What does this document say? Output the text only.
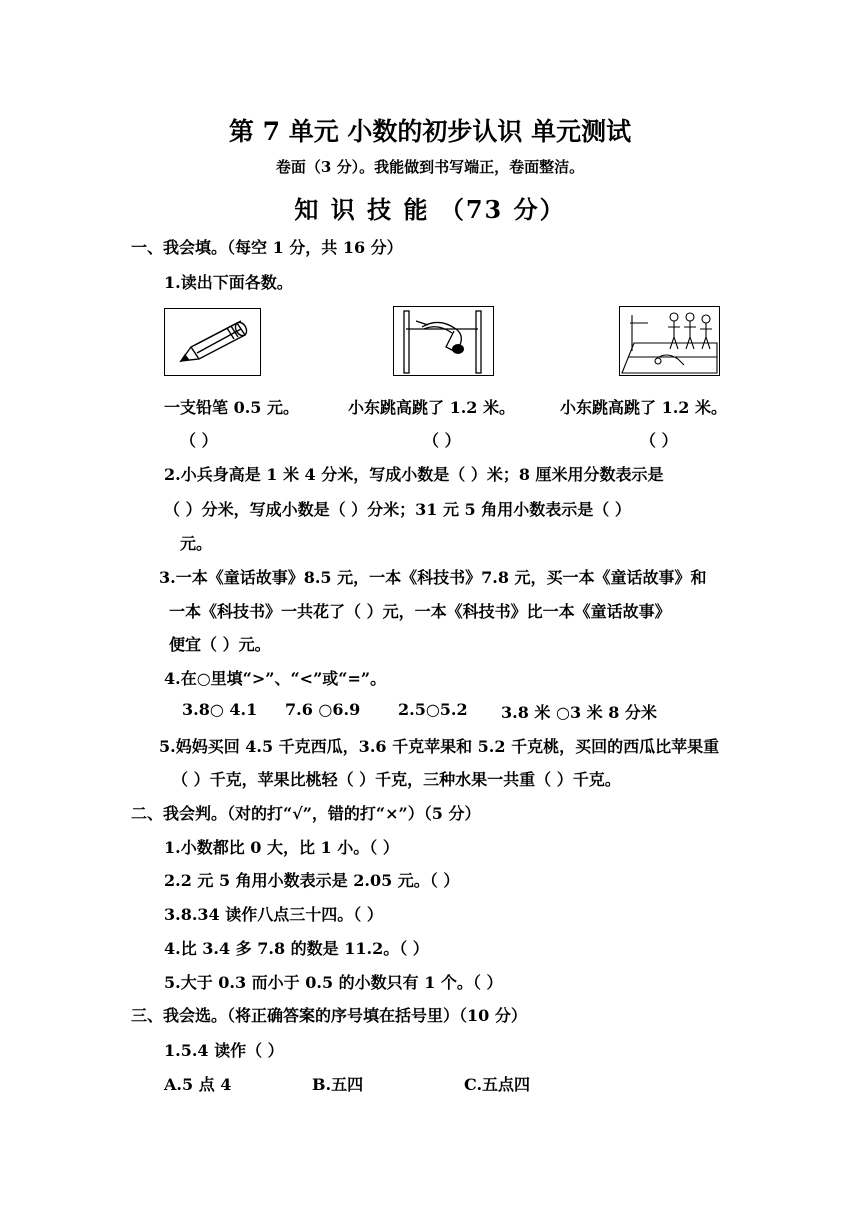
第 7 单元 小数的初步认识 单元测试
卷面（3 分）。我能做到书写端正，卷面整洁。
知 识 技 能 （73 分）
一、我会填。（每空 1 分，共 16 分）
1.读出下面各数。
一支铅笔 0.5 元。	小东跳高跳了 1.2 米。	小东跳高跳了 1.2 米。
（ ）	（ ）	（ ）
2.小兵身高是 1 米 4 分米，写成小数是（ ）米；8 厘米用分数表示是
（ ）分米，写成小数是（ ）分米；31 元 5 角用小数表示是（ ）
元。
3.一本《童话故事》8.5 元，一本《科技书》7.8 元，买一本《童话故事》和
一本《科技书》一共花了（ ）元，一本《科技书》比一本《童话故事》
便宜（ ）元。
4.在○里填“>”、“<”或“=”。
3.8○ 4.1 7.6 ○6.9 2.5○5.2 3.8 米 ○3 米 8 分米
5.妈妈买回 4.5 千克西瓜，3.6 千克苹果和 5.2 千克桃，买回的西瓜比苹果重
（ ）千克，苹果比桃轻（ ）千克，三种水果一共重（ ）千克。
二、我会判。（对的打“√”，错的打“×”）（5 分）
1.小数都比 0 大，比 1 小。（ ）
2.2 元 5 角用小数表示是 2.05 元。（ ）
3.8.34 读作八点三十四。（ ）
4.比 3.4 多 7.8 的数是 11.2。（ ）
5.大于 0.3 而小于 0.5 的小数只有 1 个。（ ）
三、我会选。（将正确答案的序号填在括号里）（10 分）
1.5.4 读作（ ）
A.5 点 4	B.五四	C.五点四
